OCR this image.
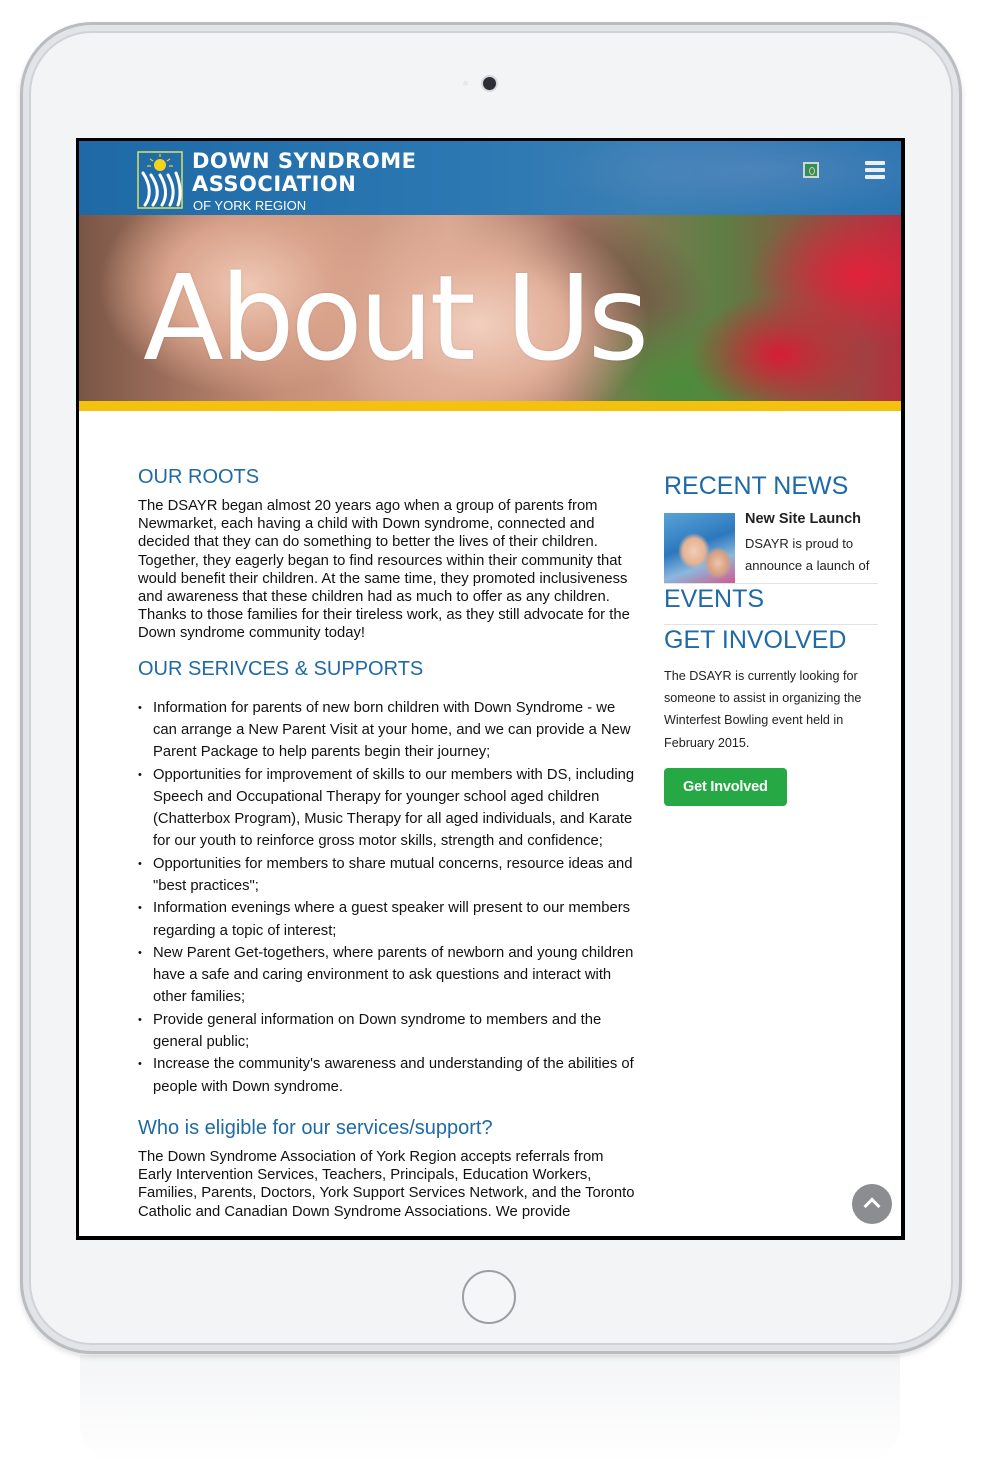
DOWN SYNDROME
ASSOCIATION
OF YORK REGION
About Us
OUR ROOTS

The DSAYR began almost 20 years ago when a group of parents from Newmarket, each having a child with Down syndrome, connected and decided that they can do something to better the lives of their children. Together, they eagerly began to find resources within their community that would benefit their children. At the same time, they promoted inclusiveness and awareness that these children had as much to offer as any children. Thanks to those families for their tireless work, as they still advocate for the Down syndrome community today!

OUR SERIVCES & SUPPORTS
• Information for parents of new born children with Down Syndrome - we can arrange a New Parent Visit at your home, and we can provide a New Parent Package to help parents begin their journey;
• Opportunities for improvement of skills to our members with DS, including Speech and Occupational Therapy for younger school aged children (Chatterbox Program), Music Therapy for all aged individuals, and Karate for our youth to reinforce gross motor skills, strength and confidence;
• Opportunities for members to share mutual concerns, resource ideas and "best practices";
• Information evenings where a guest speaker will present to our members regarding a topic of interest;
• New Parent Get-togethers, where parents of newborn and young children have a safe and caring environment to ask questions and interact with other families;
• Provide general information on Down syndrome to members and the general public;
• Increase the community's awareness and understanding of the abilities of people with Down syndrome.
Who is eligible for our services/support?

The Down Syndrome Association of York Region accepts referrals from Early Intervention Services, Teachers, Principals, Education Workers, Families, Parents, Doctors, York Support Services Network, and the Toronto Catholic and Canadian Down Syndrome Associations. We provide

RECENT NEWS
New Site Launch
DSAYR is proud to announce a launch of
EVENTS
GET INVOLVED
The DSAYR is currently looking for someone to assist in organizing the Winterfest Bowling event held in February 2015.
Get Involved
